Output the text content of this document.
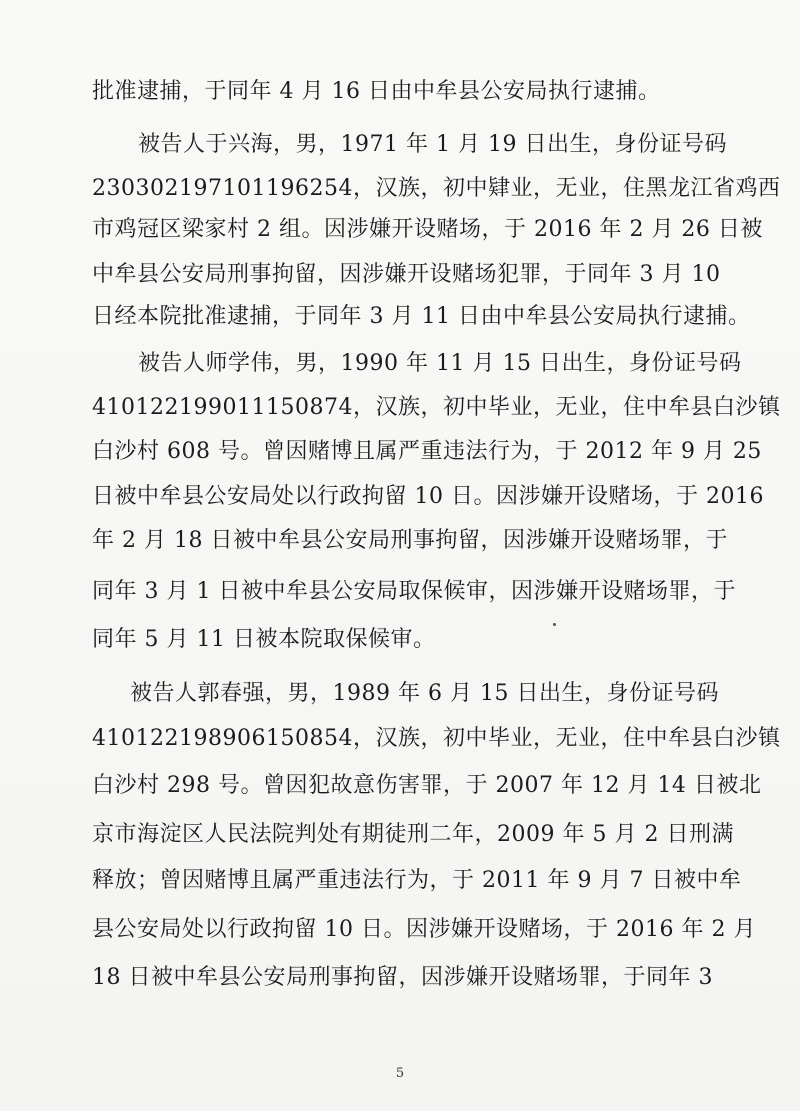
批准逮捕，于同年 4 月 16 日由中牟县公安局执行逮捕。
被告人于兴海，男，1971 年 1 月 19 日出生，身份证号码
230302197101196254，汉族，初中肄业，无业，住黑龙江省鸡西
市鸡冠区梁家村 2 组。因涉嫌开设赌场，于 2016 年 2 月 26 日被
中牟县公安局刑事拘留，因涉嫌开设赌场犯罪，于同年 3 月 10
日经本院批准逮捕，于同年 3 月 11 日由中牟县公安局执行逮捕。
被告人师学伟，男，1990 年 11 月 15 日出生，身份证号码
410122199011150874，汉族，初中毕业，无业，住中牟县白沙镇
白沙村 608 号。曾因赌博且属严重违法行为，于 2012 年 9 月 25
日被中牟县公安局处以行政拘留 10 日。因涉嫌开设赌场，于 2016
年 2 月 18 日被中牟县公安局刑事拘留，因涉嫌开设赌场罪，于
同年 3 月 1 日被中牟县公安局取保候审，因涉嫌开设赌场罪，于
同年 5 月 11 日被本院取保候审。
被告人郭春强，男，1989 年 6 月 15 日出生，身份证号码
410122198906150854，汉族，初中毕业，无业，住中牟县白沙镇
白沙村 298 号。曾因犯故意伤害罪，于 2007 年 12 月 14 日被北
京市海淀区人民法院判处有期徒刑二年，2009 年 5 月 2 日刑满
释放；曾因赌博且属严重违法行为，于 2011 年 9 月 7 日被中牟
县公安局处以行政拘留 10 日。因涉嫌开设赌场，于 2016 年 2 月
18 日被中牟县公安局刑事拘留，因涉嫌开设赌场罪，于同年 3
5
